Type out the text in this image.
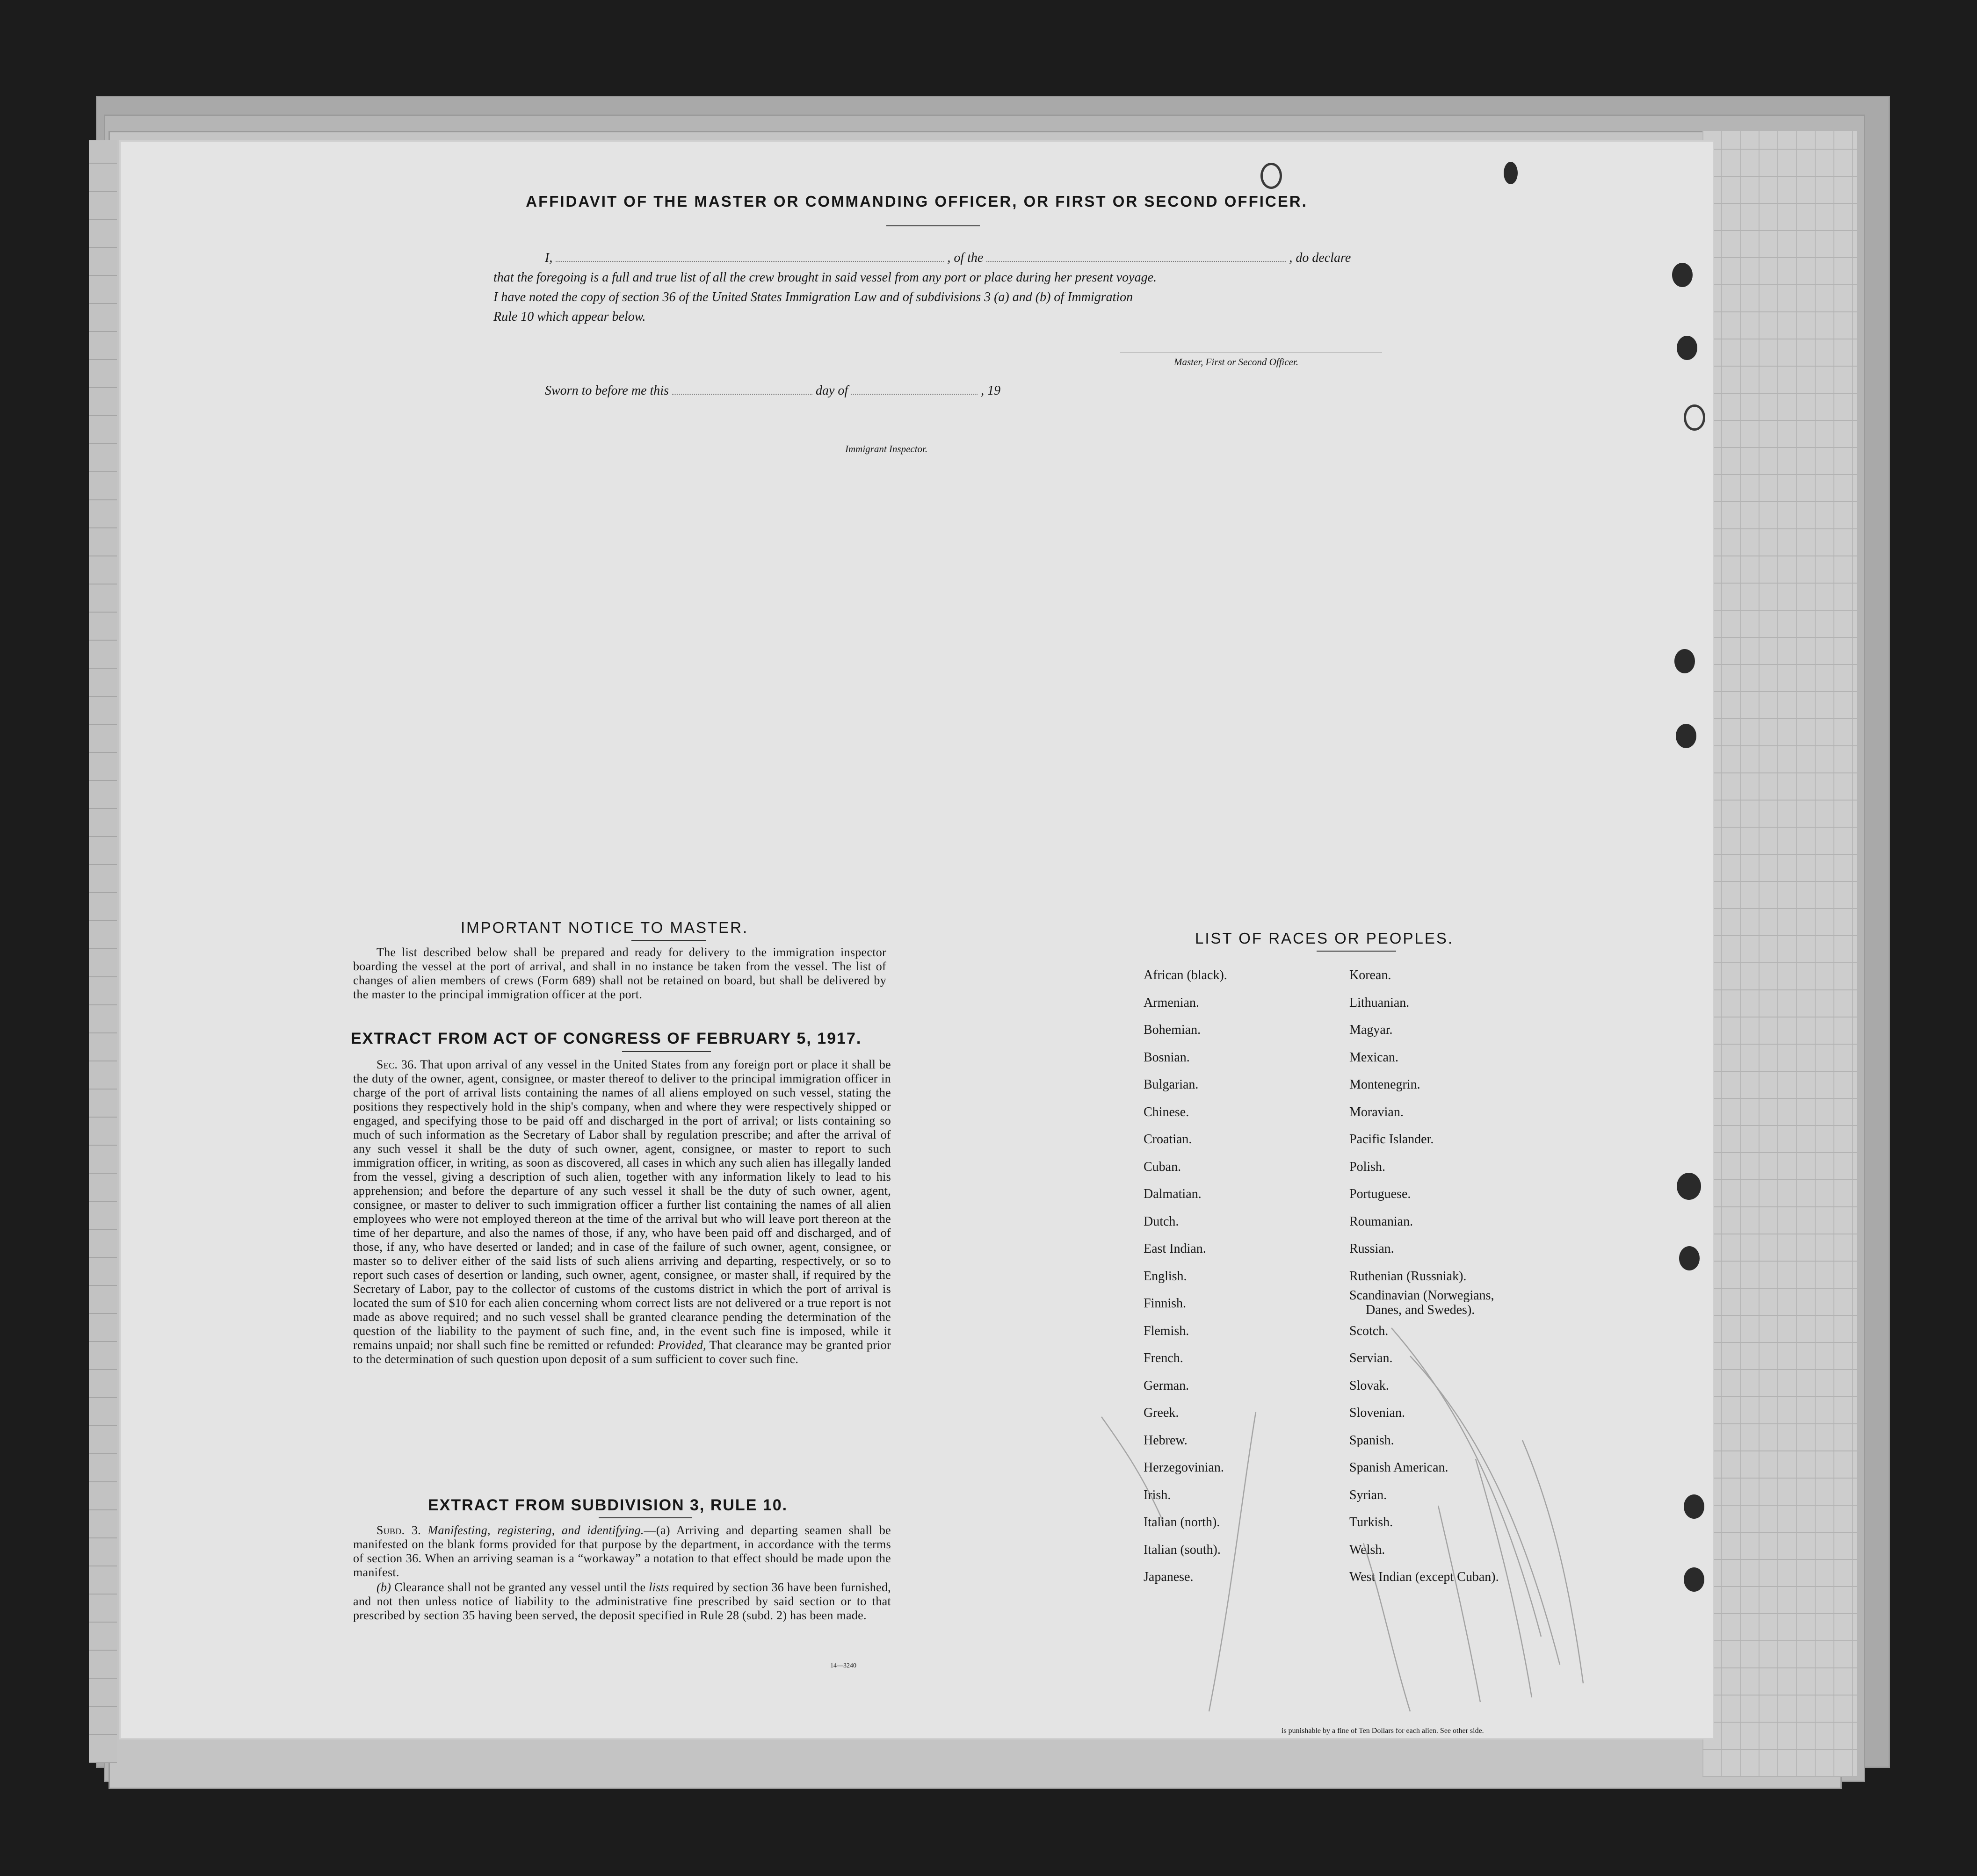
AFFIDAVIT OF THE MASTER OR COMMANDING OFFICER, OR FIRST OR SECOND OFFICER.
I,	, of the	, do declare
that the foregoing is a full and true list of all the crew brought in said vessel from any port or place during her present voyage.
I have noted the copy of section 36 of the United States Immigration Law and of subdivisions 3 (a) and (b) of Immigration
Rule 10 which appear below.
Master, First or Second Officer.
Sworn to before me this	day of	, 19
Immigrant Inspector.
IMPORTANT NOTICE TO MASTER.
The list described below shall be prepared and ready for delivery to the immigration inspector boarding the vessel at the port of arrival, and shall in no instance be taken from the vessel. The list of changes of alien members of crews (Form 689) shall not be retained on board, but shall be delivered by the master to the principal immigration officer at the port.
EXTRACT FROM ACT OF CONGRESS OF FEBRUARY 5, 1917.
Sec. 36. That upon arrival of any vessel in the United States from any foreign port or place it shall be the duty of the owner, agent, consignee, or master thereof to deliver to the principal immigration officer in charge of the port of arrival lists containing the names of all aliens employed on such vessel, stating the positions they respectively hold in the ship's company, when and where they were respectively shipped or engaged, and specifying those to be paid off and discharged in the port of arrival; or lists containing so much of such information as the Secretary of Labor shall by regulation prescribe; and after the arrival of any such vessel it shall be the duty of such owner, agent, consignee, or master to report to such immigration officer, in writing, as soon as discovered, all cases in which any such alien has illegally landed from the vessel, giving a description of such alien, together with any information likely to lead to his apprehension; and before the departure of any such vessel it shall be the duty of such owner, agent, consignee, or master to deliver to such immigration officer a further list containing the names of all alien employees who were not employed thereon at the time of the arrival but who will leave port thereon at the time of her departure, and also the names of those, if any, who have been paid off and discharged, and of those, if any, who have deserted or landed; and in case of the failure of such owner, agent, consignee, or master so to deliver either of the said lists of such aliens arriving and departing, respectively, or so to report such cases of desertion or landing, such owner, agent, consignee, or master shall, if required by the Secretary of Labor, pay to the collector of customs of the customs district in which the port of arrival is located the sum of $10 for each alien concerning whom correct lists are not delivered or a true report is not made as above required; and no such vessel shall be granted clearance pending the determination of the question of the liability to the payment of such fine, and, in the event such fine is imposed, while it remains unpaid; nor shall such fine be remitted or refunded: Provided, That clearance may be granted prior to the determination of such question upon deposit of a sum sufficient to cover such fine.
EXTRACT FROM SUBDIVISION 3, RULE 10.
Subd. 3. Manifesting, registering, and identifying.—(a) Arriving and departing seamen shall be manifested on the blank forms provided for that purpose by the department, in accordance with the terms of section 36. When an arriving seaman is a “workaway” a notation to that effect should be made upon the manifest.
(b) Clearance shall not be granted any vessel until the lists required by section 36 have been furnished, and not then unless notice of liability to the administrative fine prescribed by said section or to that prescribed by section 35 having been served, the deposit specified in Rule 28 (subd. 2) has been made.
14—3240
LIST OF RACES OR PEOPLES.
African (black).
Armenian.
Bohemian.
Bosnian.
Bulgarian.
Chinese.
Croatian.
Cuban.
Dalmatian.
Dutch.
East Indian.
English.
Finnish.
Flemish.
French.
German.
Greek.
Hebrew.
Herzegovinian.
Irish.
Italian (north).
Italian (south).
Japanese.
Korean.
Lithuanian.
Magyar.
Mexican.
Montenegrin.
Moravian.
Pacific Islander.
Polish.
Portuguese.
Roumanian.
Russian.
Ruthenian (Russniak).
Scandinavian (Norwegians,
Danes, and Swedes).
Scotch.
Servian.
Slovak.
Slovenian.
Spanish.
Spanish American.
Syrian.
Turkish.
Welsh.
West Indian (except Cuban).
is punishable by a fine of Ten Dollars for each alien. See other side.
